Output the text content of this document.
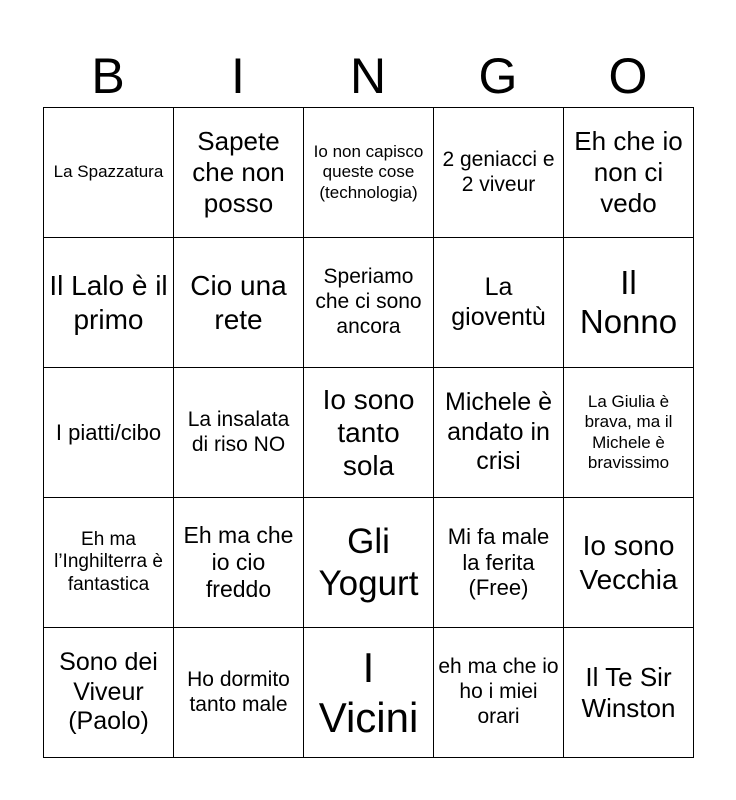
B	I	N	G	O
La Spazzatura	Sapete che non posso	Io non capisco queste cose (technologia)	2 geniacci e 2 viveur	Eh che io non ci vedo
Il Lalo è il primo	Cio una rete	Speriamo che ci sono ancora	La gioventù	Il Nonno
I piatti/cibo	La insalata di riso NO	Io sono tanto sola	Michele è andato in crisi	La Giulia è brava, ma il Michele è bravissimo
Eh ma l’Inghilterra è fantastica	Eh ma che io cio freddo	Gli Yogurt	Mi fa male la ferita (Free)	Io sono Vecchia
Sono dei Viveur (Paolo)	Ho dormito tanto male	I Vicini	eh ma che io ho i miei orari	Il Te Sir Winston
